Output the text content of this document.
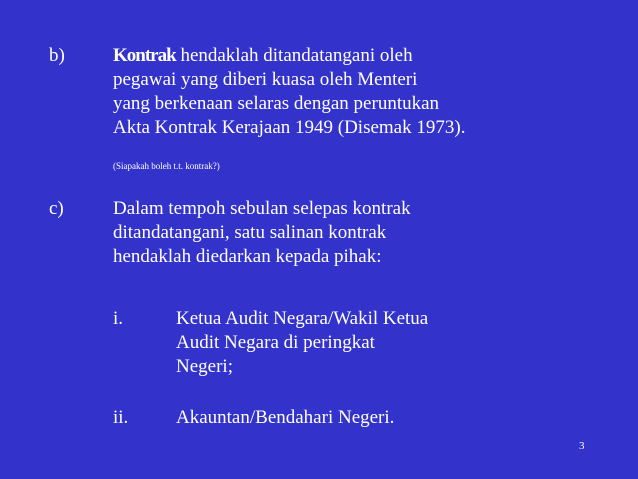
b)	Kontrak hendaklah ditandatangani oleh
pegawai yang diberi kuasa oleh Menteri
yang berkenaan selaras dengan peruntukan
Akta Kontrak Kerajaan 1949 (Disemak 1973).
(Siapakah boleh t.t. kontrak?)
c)	Dalam tempoh sebulan selepas kontrak
ditandatangani, satu salinan kontrak
hendaklah diedarkan kepada pihak:
i.	Ketua Audit Negara/Wakil Ketua
Audit Negara di peringkat
Negeri;
ii.	Akauntan/Bendahari Negeri.
3
